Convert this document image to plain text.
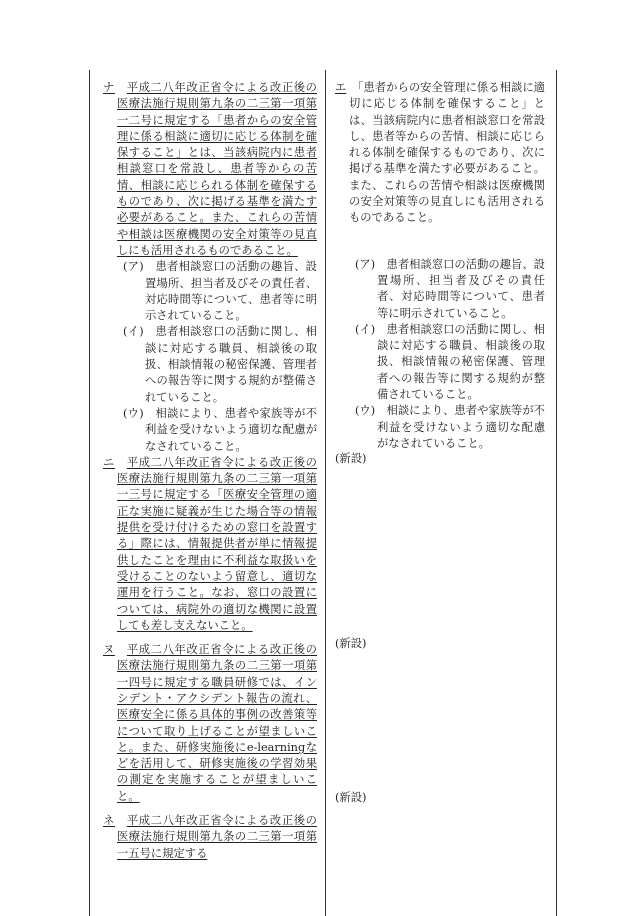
ナ　 平成二八年改正省令による改正後の医療法施行規則第九条の二三第一項第一二号に規定する「患者からの安全管理に係る相談に適切に応じる体制を確保すること」とは、当該病院内に患者相談窓口を常設し、患者等からの苦情、相談に応じられる体制を確保するものであり、次に掲げる基準を満たす必要があること。また、これらの苦情や相談は医療機関の安全対策等の見直しにも活用されるものであること。
(ア)　 患者相談窓口の活動の趣旨、設置場所、担当者及びその責任者、対応時間等について、患者等に明示されていること。
(イ)　 患者相談窓口の活動に関し、相談に対応する職員、相談後の取扱、相談情報の秘密保護、管理者への報告等に関する規約が整備されていること。
(ウ)　 相談により、患者や家族等が不利益を受けないよう適切な配慮がなされていること。
ニ　 平成二八年改正省令による改正後の医療法施行規則第九条の二三第一項第一三号に規定する「医療安全管理の適正な実施に疑義が生じた場合等の情報提供を受け付けるための窓口を設置する」際には、情報提供者が単に情報提供したことを理由に不利益な取扱いを受けることのないよう留意し、適切な運用を行うこと。なお、窓口の設置については、病院外の適切な機関に設置しても差し支えないこと。
ヌ　 平成二八年改正省令による改正後の医療法施行規則第九条の二三第一項第一四号に規定する職員研修では、インシデント・アクシデント報告の流れ、医療安全に係る具体的事例の改善策等について取り上げることが望ましいこと。また、研修実施後にe-learningなどを活用して、研修実施後の学習効果の測定を実施することが望ましいこと。
ネ　 平成二八年改正省令による改正後の医療法施行規則第九条の二三第一項第一五号に規定する
エ　 「患者からの安全管理に係る相談に適切に応じる体制を確保すること」とは、当該病院内に患者相談窓口を常設し、患者等からの苦情、相談に応じられる体制を確保するものであり、次に掲げる基準を満たす必要があること。また、これらの苦情や相談は医療機関の安全対策等の見直しにも活用されるものであること。
(ア)　 患者相談窓口の活動の趣旨、設置場所、担当者及びその責任者、対応時間等について、患者等に明示されていること。
(イ)　 患者相談窓口の活動に関し、相談に対応する職員、相談後の取扱、相談情報の秘密保護、管理者への報告等に関する規約が整備されていること。
(ウ)　 相談により、患者や家族等が不利益を受けないよう適切な配慮がなされていること。
(新設)
(新設)
(新設)
